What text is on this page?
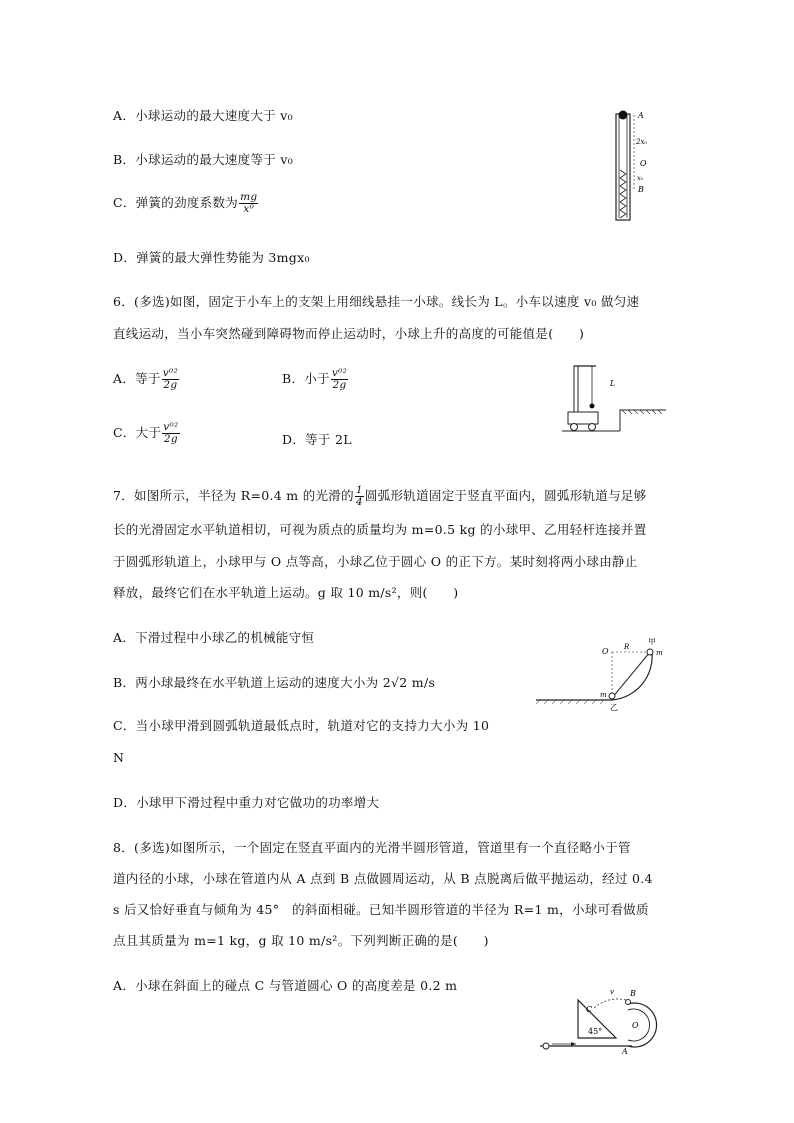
A．小球运动的最大速度大于 v₀
B．小球运动的最大速度等于 v₀
C．弹簧的劲度系数为 $\frac{mg}{\text{x⁰}}$
D．弹簧的最大弹性势能为 3mgx₀
A
2x₀
O
x₀
B
6．(多选)如图，固定于小车上的支架上用细线悬挂一小球。线长为 L。小车以速度 v₀ 做匀速
直线运动，当小车突然碰到障碍物而停止运动时，小球上升的高度的可能值是(　　)
A．等于 $\frac{\text{v⁰²}}{2g}$	B．小于 $\frac{\text{v⁰²}}{2g}$
C．大于 $\frac{\text{v⁰²}}{2g}$	D．等于 2L
L
7．如图所示，半径为 R=0.4 m 的光滑的 $\frac{1}{4}$ 圆弧形轨道固定于竖直平面内，圆弧形轨道与足够
长的光滑固定水平轨道相切，可视为质点的质量均为 m=0.5 kg 的小球甲、乙用轻杆连接并置
于圆弧形轨道上，小球甲与 O 点等高，小球乙位于圆心 O 的正下方。某时刻将两小球由静止
释放，最终它们在水平轨道上运动。g 取 10 m/s²，则(　　)
A．下滑过程中小球乙的机械能守恒
B．两小球最终在水平轨道上运动的速度大小为 2√2 m/s
C．当小球甲滑到圆弧轨道最低点时，轨道对它的支持力大小为 10
N
D．小球甲下滑过程中重力对它做功的功率增大
甲
O R
m
m
乙
8．(多选)如图所示，一个固定在竖直平面内的光滑半圆形管道，管道里有一个直径略小于管
道内径的小球，小球在管道内从 A 点到 B 点做圆周运动，从 B 点脱离后做平抛运动，经过 0.4
s 后又恰好垂直与倾角为 45°　的斜面相碰。已知半圆形管道的半径为 R=1 m，小球可看做质
点且其质量为 m=1 kg，g 取 10 m/s²。下列判断正确的是(　　)
A．小球在斜面上的碰点 C 与管道圆心 O 的高度差是 0.2 m
45°
v B
C
O
A
